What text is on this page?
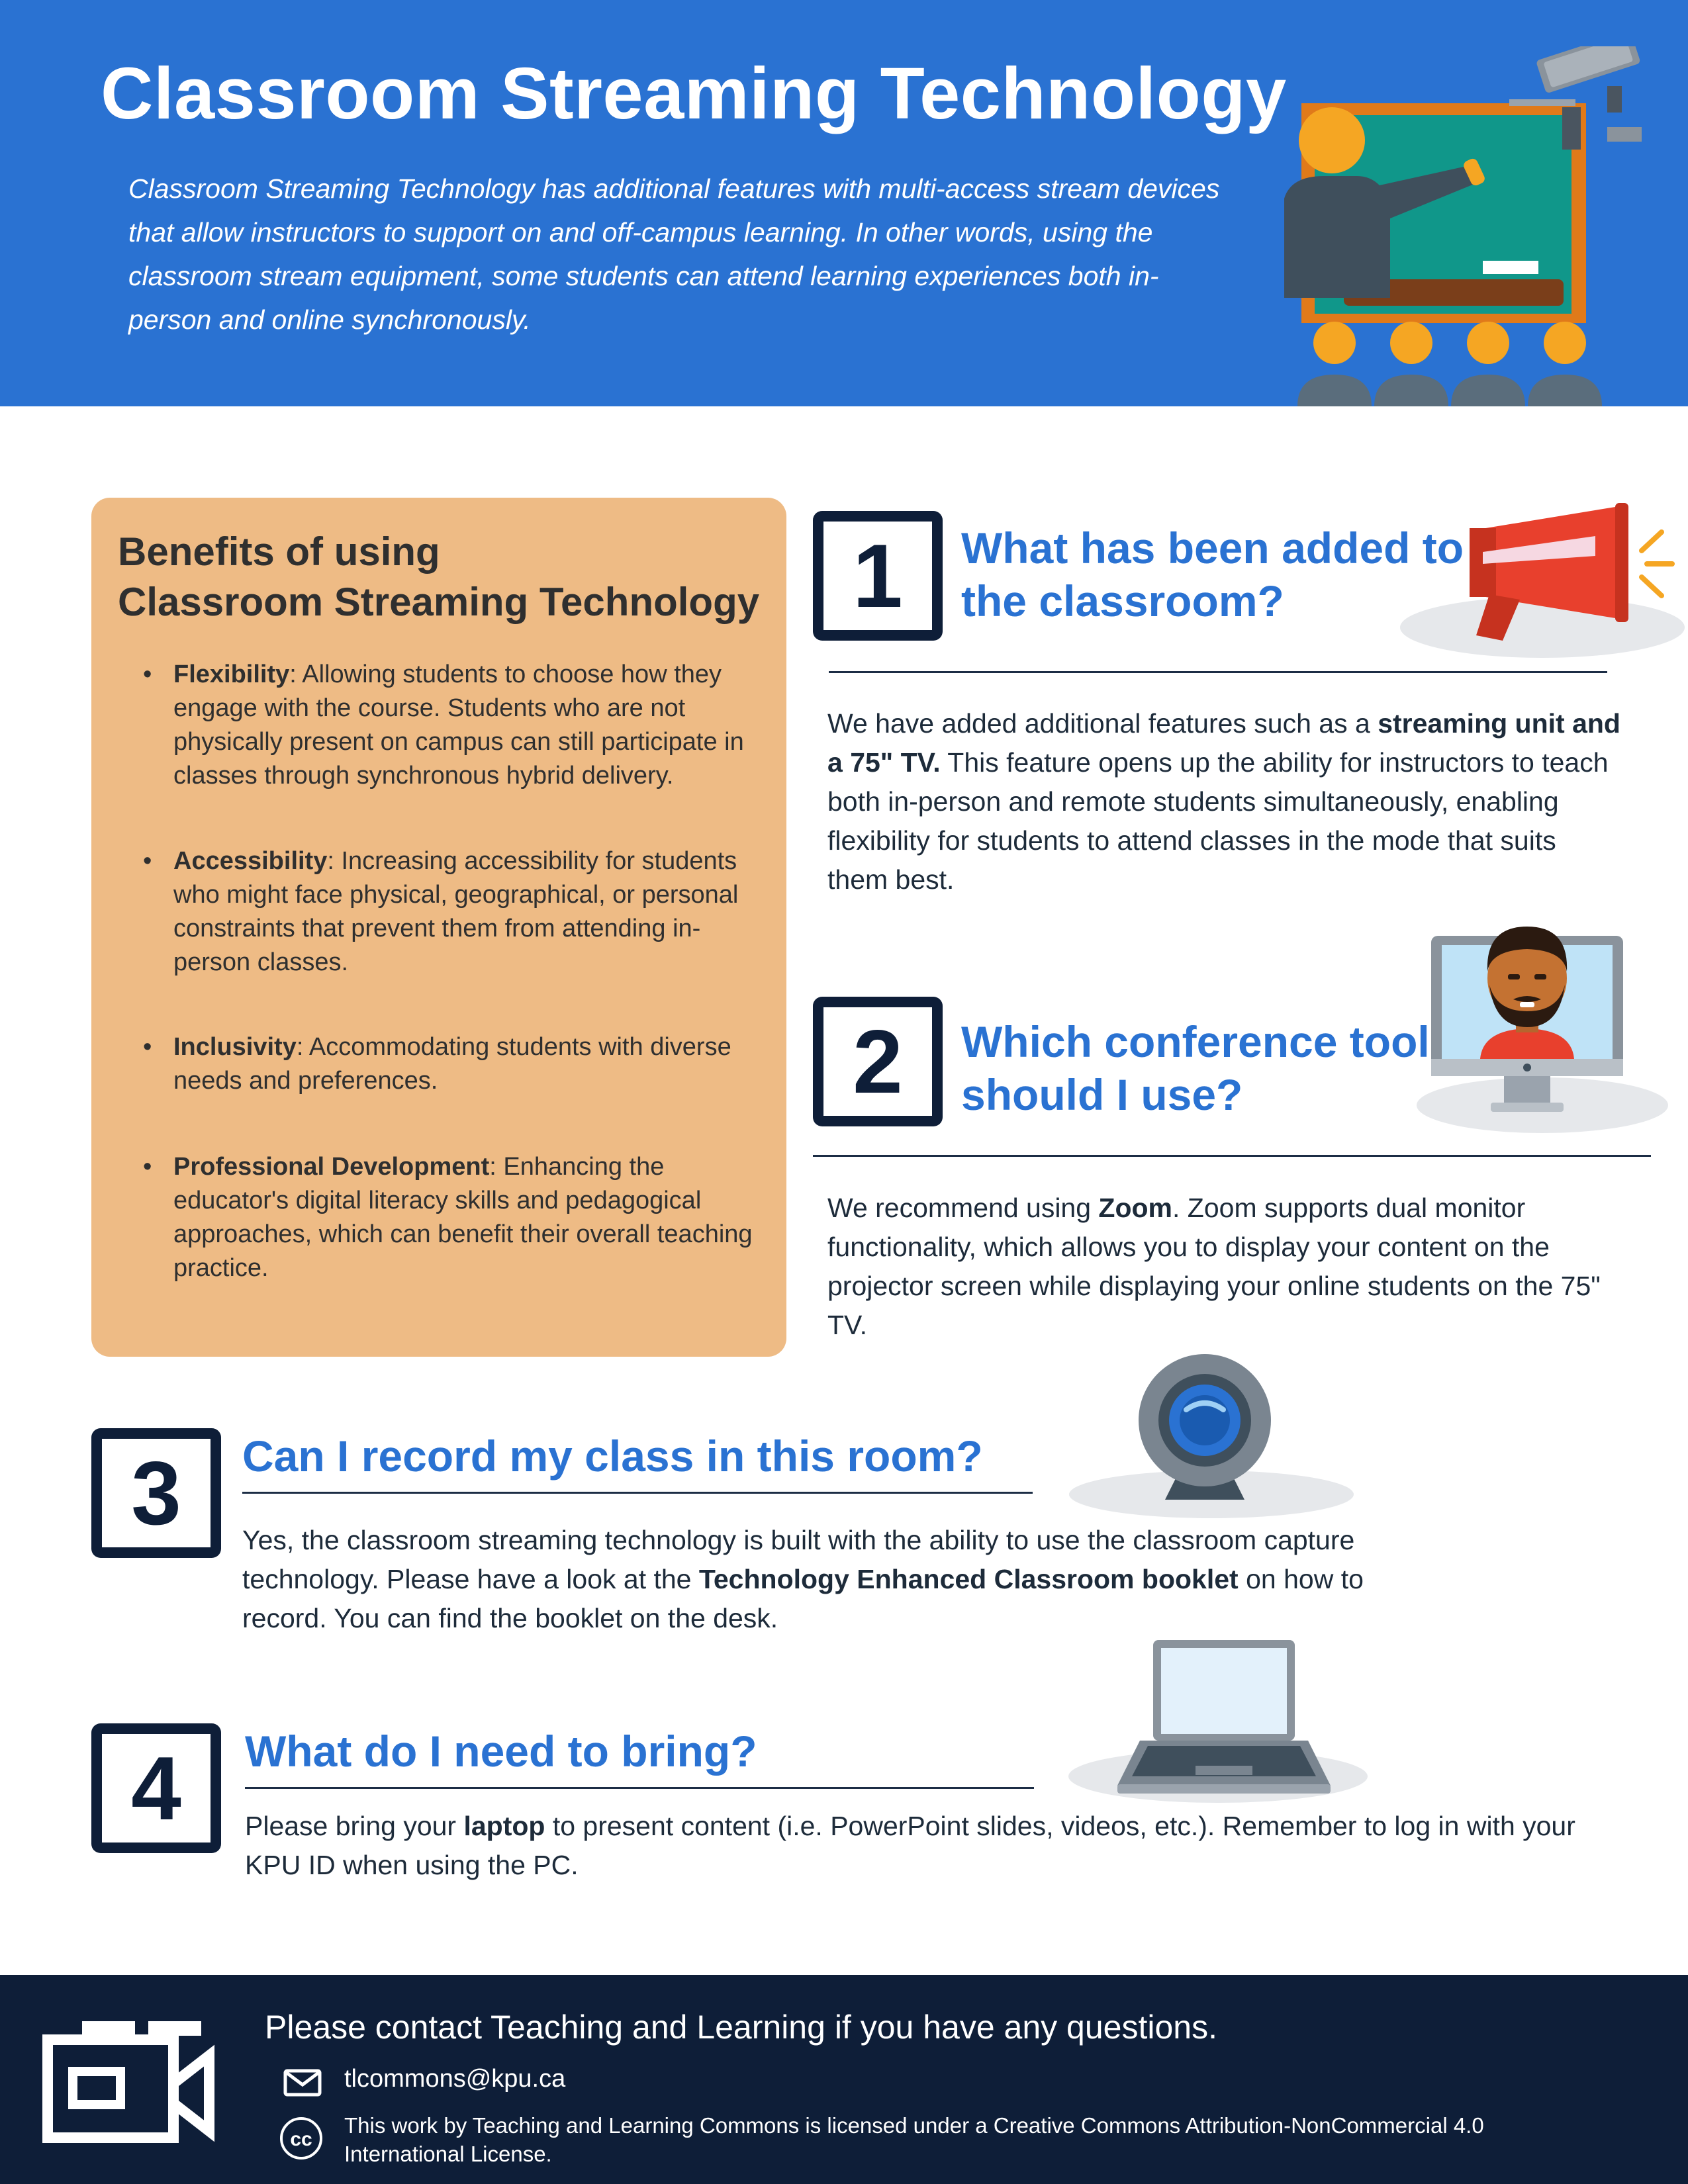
Classroom Streaming Technology
Classroom Streaming Technology has additional features with multi-access stream devices that allow instructors to support on and off-campus learning. In other words, using the classroom stream equipment, some students can attend learning experiences both in-person and online synchronously.
Benefits of using
Classroom Streaming Technology
• Flexibility: Allowing students to choose how they engage with the course. Students who are not physically present on campus can still participate in classes through synchronous hybrid delivery.
• Accessibility: Increasing accessibility for students who might face physical, geographical, or personal constraints that prevent them from attending in-person classes.
• Inclusivity: Accommodating students with diverse needs and preferences.
• Professional Development: Enhancing the educator's digital literacy skills and pedagogical approaches, which can benefit their overall teaching practice.
1	What has been added to
the classroom?
We have added additional features such as a streaming unit and a 75" TV. This feature opens up the ability for instructors to teach both in-person and remote students simultaneously, enabling flexibility for students to attend classes in the mode that suits them best.
2	Which conference tool
should I use?
We recommend using Zoom. Zoom supports dual monitor functionality, which allows you to display your content on the projector screen while displaying your online students on the 75" TV.
3	Can I record my class in this room?
Yes, the classroom streaming technology is built with the ability to use the classroom capture technology. Please have a look at the Technology Enhanced Classroom booklet on how to record. You can find the booklet on the desk.
4	What do I need to bring?
Please bring your laptop to present content (i.e. PowerPoint slides, videos, etc.). Remember to log in with your KPU ID when using the PC.
Please contact Teaching and Learning if you have any questions.
tlcommons@kpu.ca
cc
This work by Teaching and Learning Commons is licensed under a Creative Commons Attribution-NonCommercial 4.0 International License.
